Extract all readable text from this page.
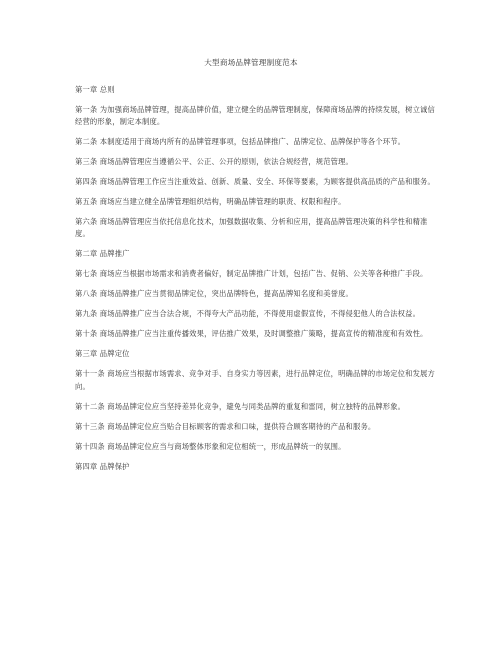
大型商场品牌管理制度范本

第一章 总则

第一条 为加强商场品牌管理，提高品牌价值，建立健全的品牌管理制度，保障商场品牌的持续发展，树立诚信经营的形象，制定本制度。

第二条 本制度适用于商场内所有的品牌管理事项，包括品牌推广、品牌定位、品牌保护等各个环节。

第三条 商场品牌管理应当遵循公平、公正、公开的原则，依法合规经营，规范管理。

第四条 商场品牌管理工作应当注重效益、创新、质量、安全、环保等要素，为顾客提供高品质的产品和服务。

第五条 商场应当建立健全品牌管理组织结构，明确品牌管理的职责、权限和程序。

第六条 商场品牌管理应当依托信息化技术，加强数据收集、分析和应用，提高品牌管理决策的科学性和精准度。

第二章 品牌推广

第七条 商场应当根据市场需求和消费者偏好，制定品牌推广计划，包括广告、促销、公关等各种推广手段。

第八条 商场品牌推广应当贯彻品牌定位，突出品牌特色，提高品牌知名度和美誉度。

第九条 商场品牌推广应当合法合规，不得夸大产品功能，不得使用虚假宣传，不得侵犯他人的合法权益。

第十条 商场品牌推广应当注重传播效果，评估推广效果，及时调整推广策略，提高宣传的精准度和有效性。

第三章 品牌定位

第十一条 商场应当根据市场需求、竞争对手、自身实力等因素，进行品牌定位，明确品牌的市场定位和发展方向。

第十二条 商场品牌定位应当坚持差异化竞争，避免与同类品牌的重复和雷同，树立独特的品牌形象。

第十三条 商场品牌定位应当贴合目标顾客的需求和口味，提供符合顾客期待的产品和服务。

第十四条 商场品牌定位应当与商场整体形象和定位相统一，形成品牌统一的氛围。

第四章 品牌保护
